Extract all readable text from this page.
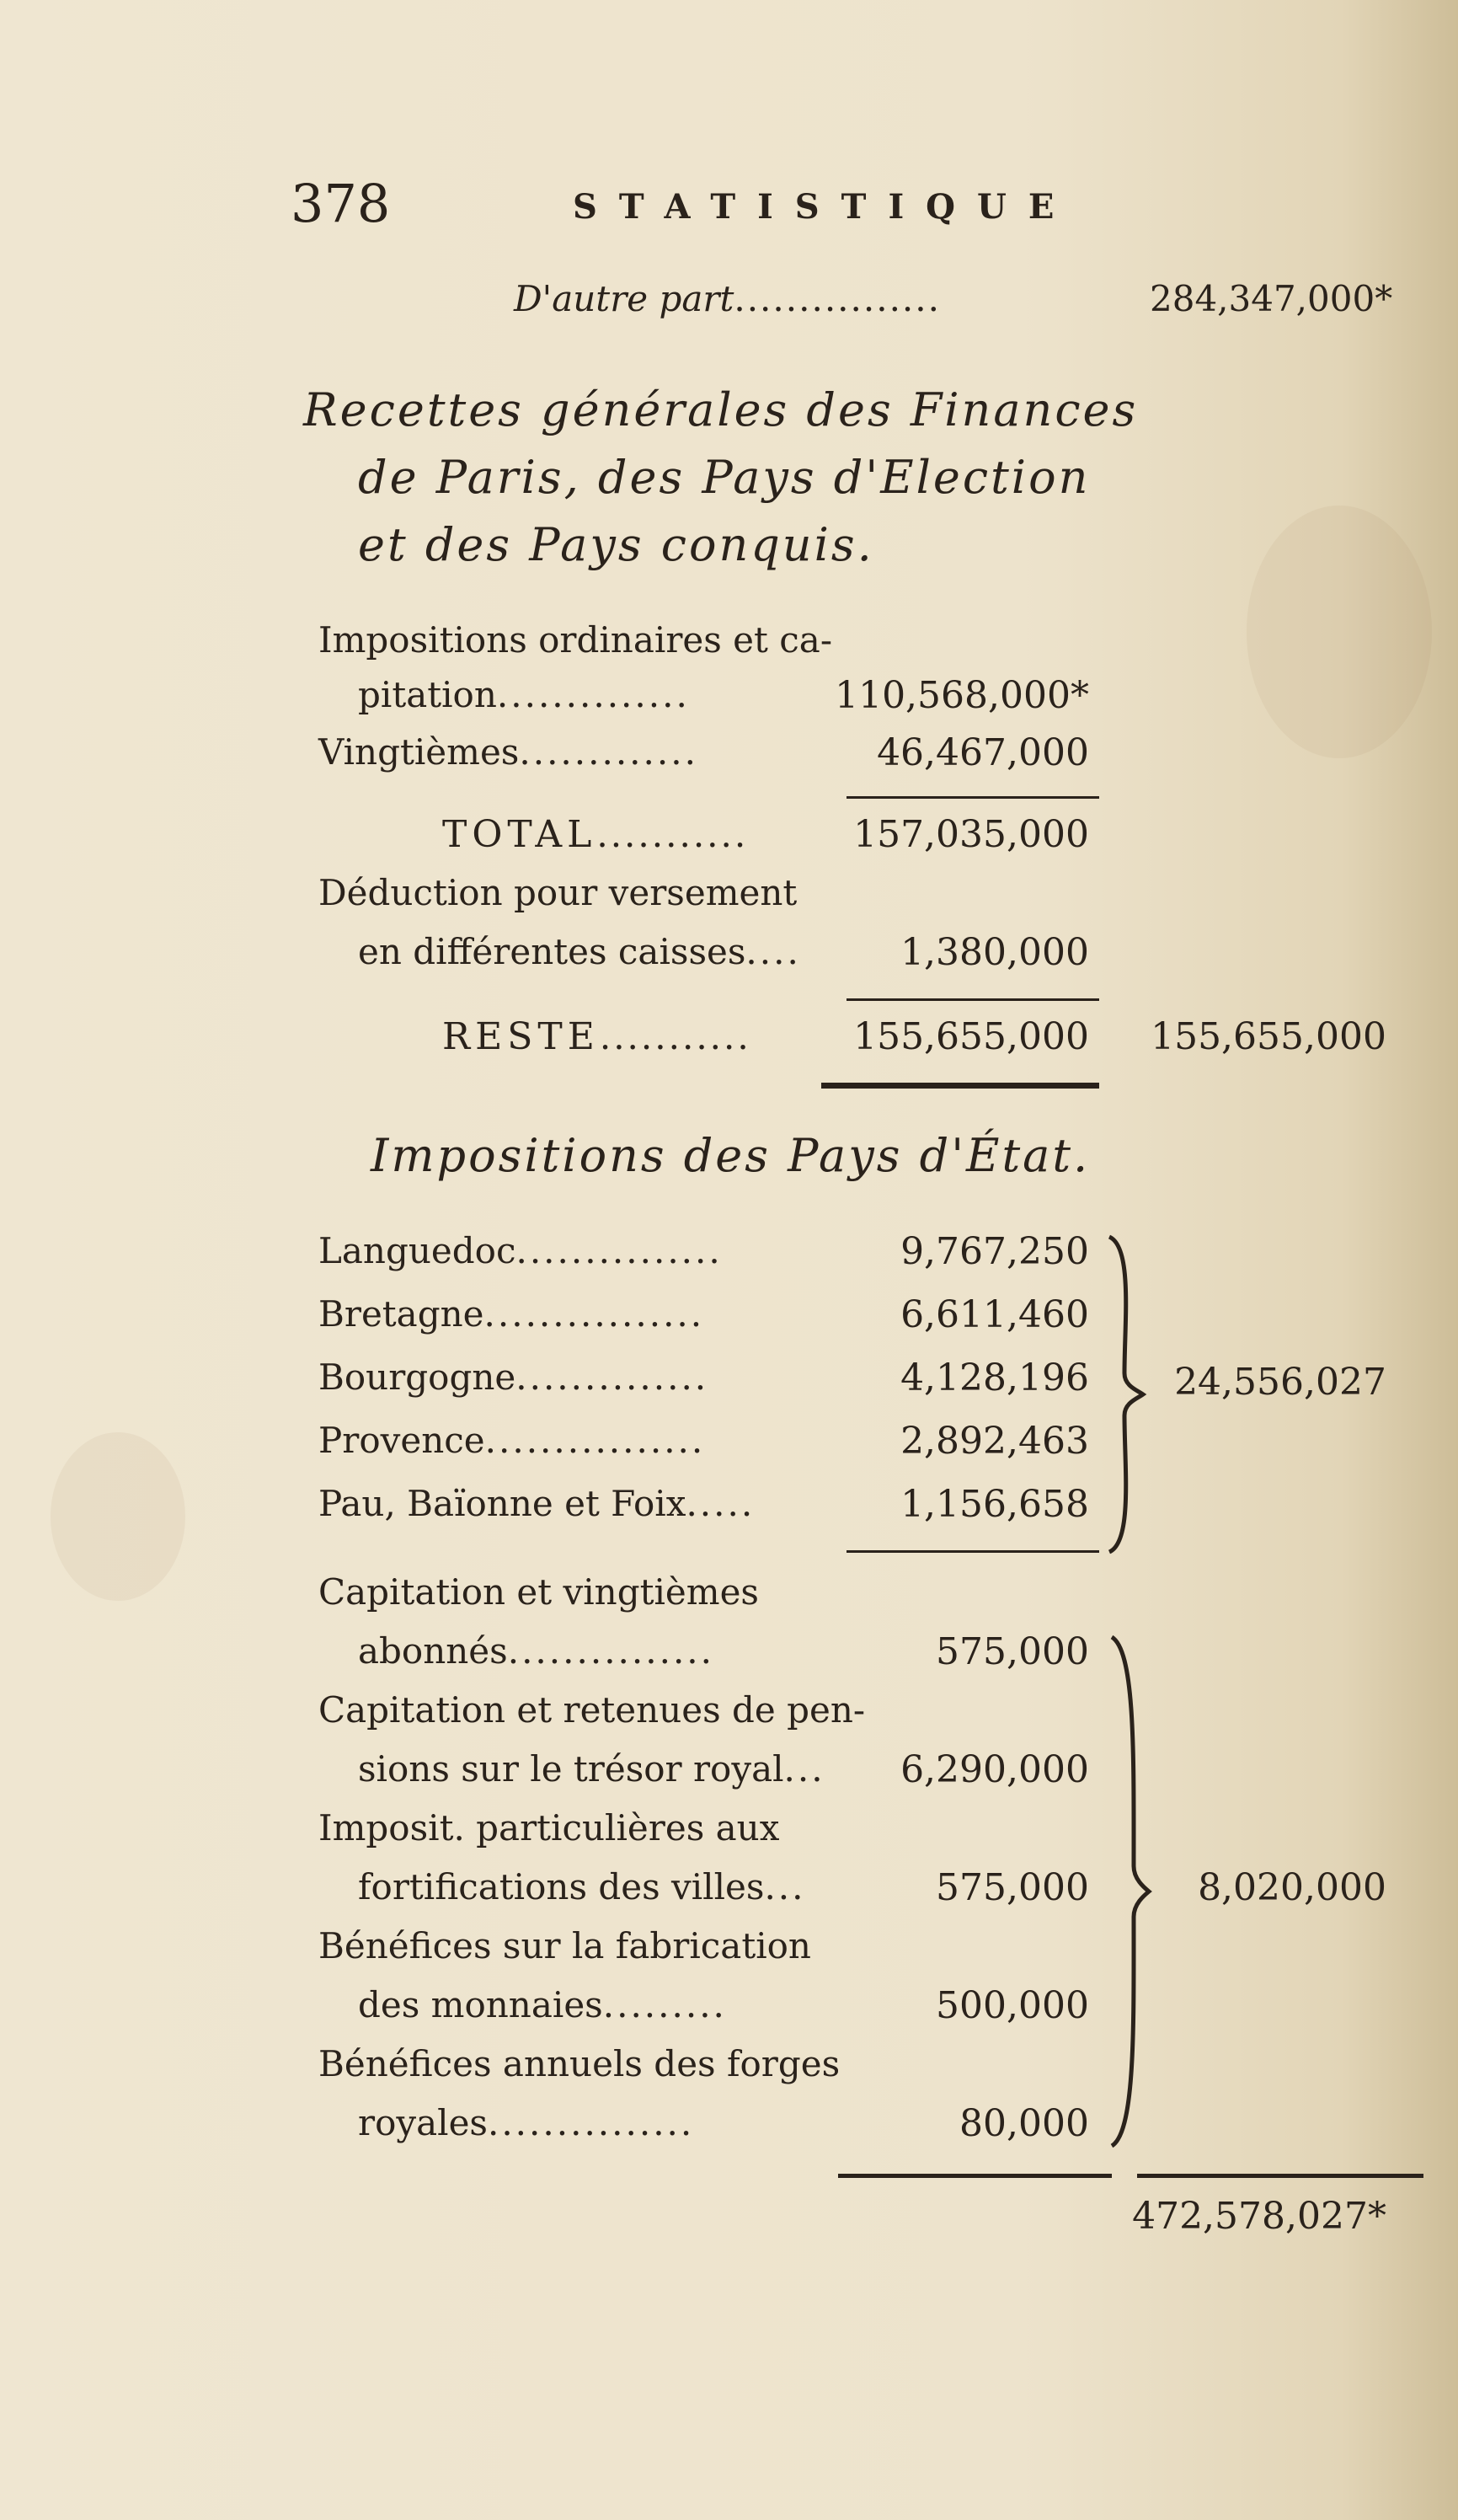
378	STATISTIQUE
D'autre part................	284,347,000*
Recettes générales des Finances
de Paris, des Pays d'Election
et des Pays conquis.
Impositions ordinaires et ca-
pitation..............	110,568,000*
Vingtièmes.............	46,467,000
TOTAL...........	157,035,000
Déduction pour versement
en différentes caisses....	1,380,000
RESTE...........	155,655,000 155,655,000
Impositions des Pays d'État.
Languedoc...............	9,767,250
Bretagne................	6,611,460
Bourgogne..............	4,128,196
Provence................	2,892,463
Pau, Baïonne et Foix.....	1,156,658
24,556,027
Capitation et vingtièmes
abonnés...............	575,000
Capitation et retenues de pen-
sions sur le trésor royal... 6,290,000
Imposit. particulières aux
fortifications des villes...	575,000
Bénéfices sur la fabrication
des monnaies.........	500,000
Bénéfices annuels des forges
royales...............	80,000
8,020,000
472,578,027*
